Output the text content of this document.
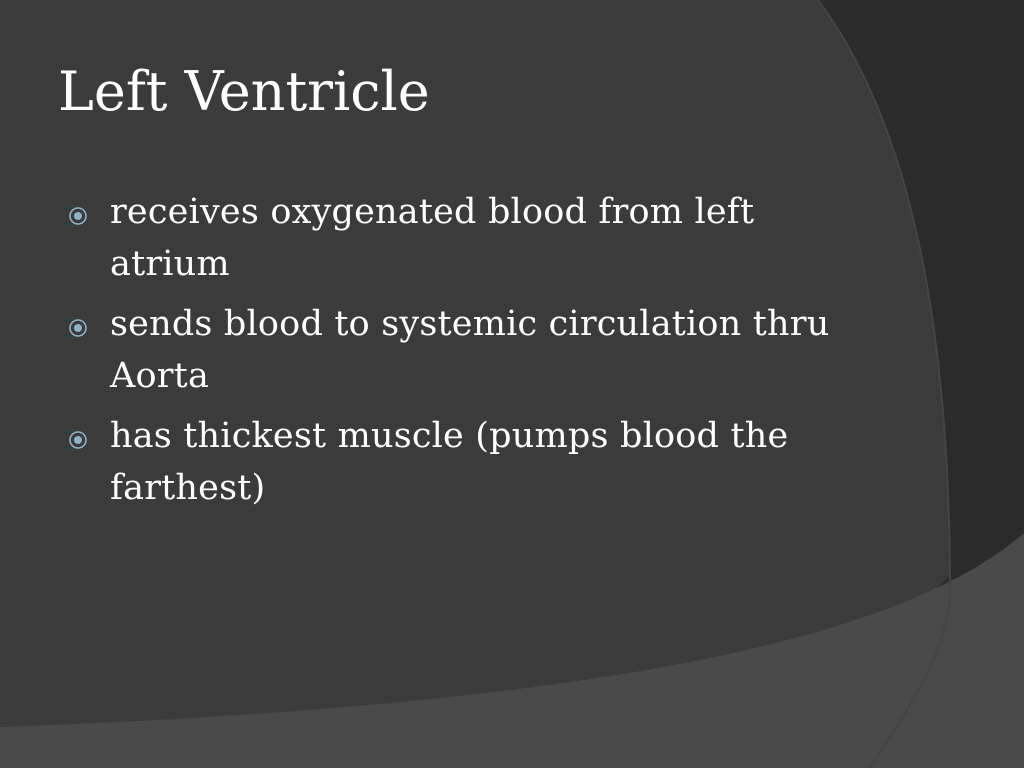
Left Ventricle
receives oxygenated blood from left atrium
sends blood to systemic circulation thru Aorta
has thickest muscle (pumps blood the farthest)
